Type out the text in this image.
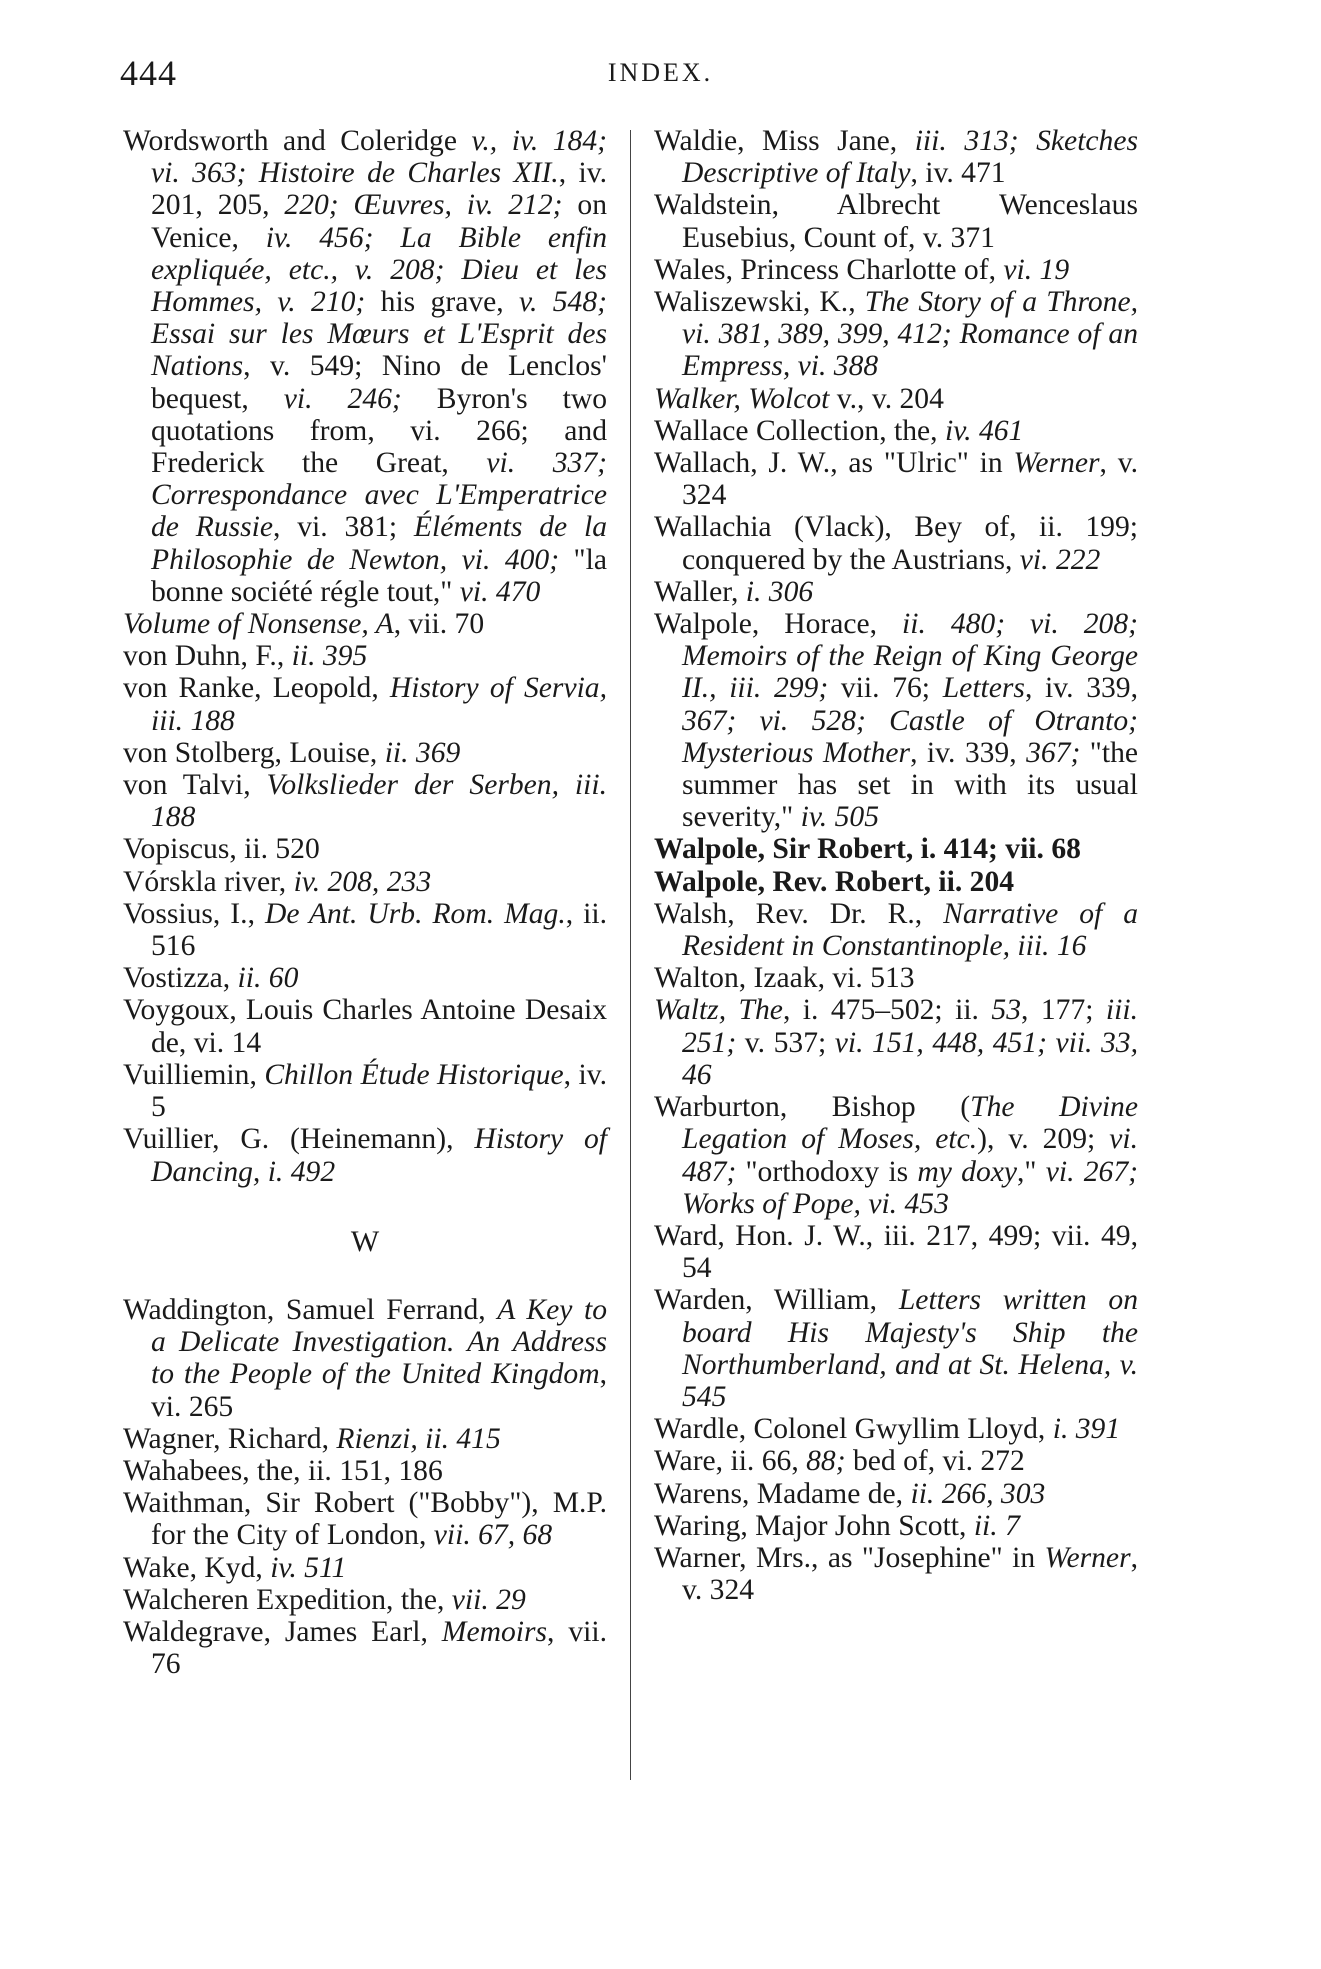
444	INDEX.
Wordsworth and Coleridge v., iv. 184; vi. 363; Histoire de Charles XII., iv. 201, 205, 220; Œuvres, iv. 212; on Venice, iv. 456; La Bible enfin expliquée, etc., v. 208; Dieu et les Hommes, v. 210; his grave, v. 548; Essai sur les Mœurs et L'Esprit des Nations, v. 549; Nino de Lenclos' bequest, vi. 246; Byron's two quotations from, vi. 266; and Frederick the Great, vi. 337; Correspondance avec L'Emperatrice de Russie, vi. 381; Éléments de la Philosophie de Newton, vi. 400; "la bonne société régle tout," vi. 470
Volume of Nonsense, A, vii. 70
von Duhn, F., ii. 395
von Ranke, Leopold, History of Servia, iii. 188
von Stolberg, Louise, ii. 369
von Talvi, Volkslieder der Serben, iii. 188
Vopiscus, ii. 520
Vórskla river, iv. 208, 233
Vossius, I., De Ant. Urb. Rom. Mag., ii. 516
Vostizza, ii. 60
Voygoux, Louis Charles Antoine Desaix de, vi. 14
Vuilliemin, Chillon Étude Historique, iv. 5
Vuillier, G. (Heinemann), History of Dancing, i. 492
W
Waddington, Samuel Ferrand, A Key to a Delicate Investigation. An Address to the People of the United Kingdom, vi. 265
Wagner, Richard, Rienzi, ii. 415
Wahabees, the, ii. 151, 186
Waithman, Sir Robert ("Bobby"), M.P. for the City of London, vii. 67, 68
Wake, Kyd, iv. 511
Walcheren Expedition, the, vii. 29
Waldegrave, James Earl, Memoirs, vii. 76
Waldie, Miss Jane, iii. 313; Sketches Descriptive of Italy, iv. 471
Waldstein, Albrecht Wenceslaus Eusebius, Count of, v. 371
Wales, Princess Charlotte of, vi. 19
Waliszewski, K., The Story of a Throne, vi. 381, 389, 399, 412; Romance of an Empress, vi. 388
Walker, Wolcot v., v. 204
Wallace Collection, the, iv. 461
Wallach, J. W., as "Ulric" in Werner, v. 324
Wallachia (Vlack), Bey of, ii. 199; conquered by the Austrians, vi. 222
Waller, i. 306
Walpole, Horace, ii. 480; vi. 208; Memoirs of the Reign of King George II., iii. 299; vii. 76; Letters, iv. 339, 367; vi. 528; Castle of Otranto; Mysterious Mother, iv. 339, 367; "the summer has set in with its usual severity," iv. 505
Walpole, Sir Robert, i. 414; vii. 68
Walpole, Rev. Robert, ii. 204
Walsh, Rev. Dr. R., Narrative of a Resident in Constantinople, iii. 16
Walton, Izaak, vi. 513
Waltz, The, i. 475–502; ii. 53, 177; iii. 251; v. 537; vi. 151, 448, 451; vii. 33, 46
Warburton, Bishop (The Divine Legation of Moses, etc.), v. 209; vi. 487; "orthodoxy is my doxy," vi. 267; Works of Pope, vi. 453
Ward, Hon. J. W., iii. 217, 499; vii. 49, 54
Warden, William, Letters written on board His Majesty's Ship the Northumberland, and at St. Helena, v. 545
Wardle, Colonel Gwyllim Lloyd, i. 391
Ware, ii. 66, 88; bed of, vi. 272
Warens, Madame de, ii. 266, 303
Waring, Major John Scott, ii. 7
Warner, Mrs., as "Josephine" in Werner, v. 324
